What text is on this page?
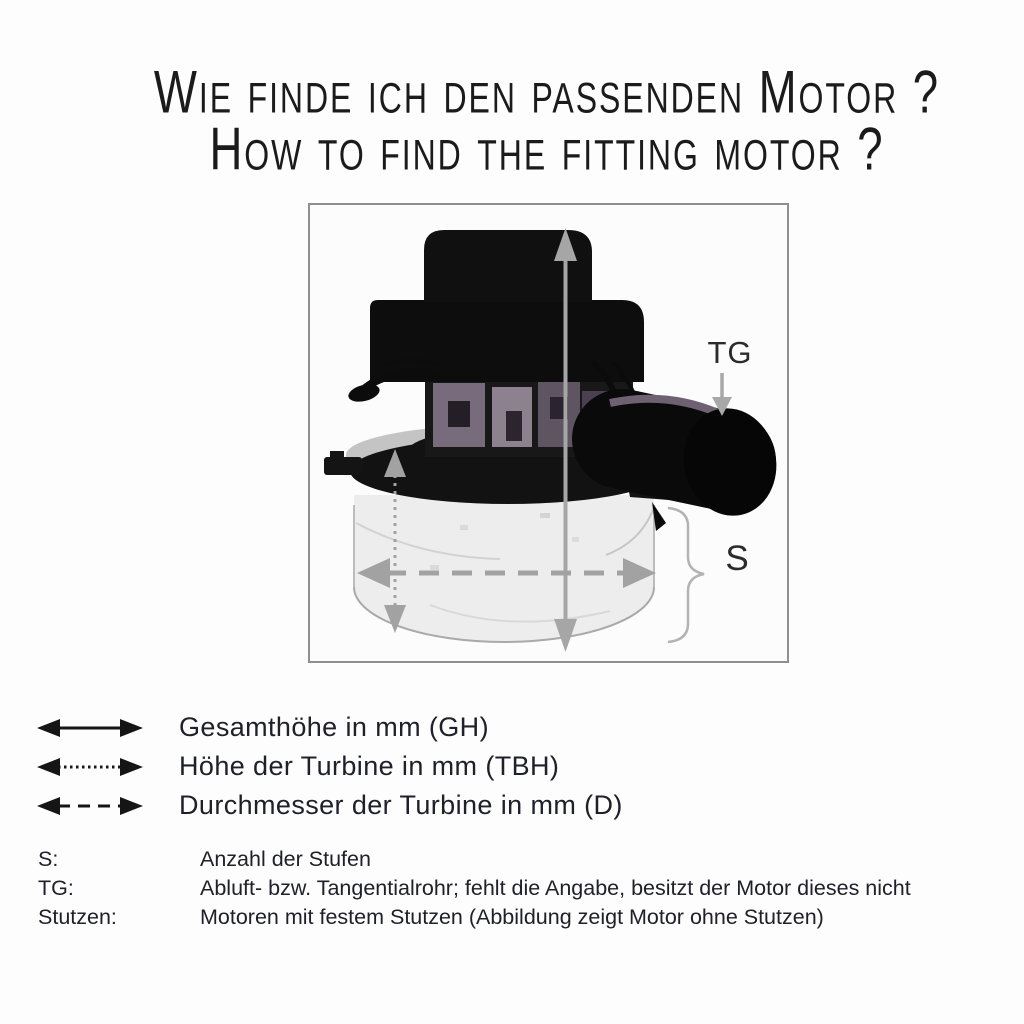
Wie finde ich den passenden Motor ?
How to find the fitting motor ?
TG
S
Gesamthöhe in mm (GH)
Höhe der Turbine in mm (TBH)
Durchmesser der Turbine in mm (D)
S:	Anzahl der Stufen
TG:	Abluft- bzw. Tangentialrohr; fehlt die Angabe, besitzt der Motor dieses nicht
Stutzen:	Motoren mit festem Stutzen (Abbildung zeigt Motor ohne Stutzen)
